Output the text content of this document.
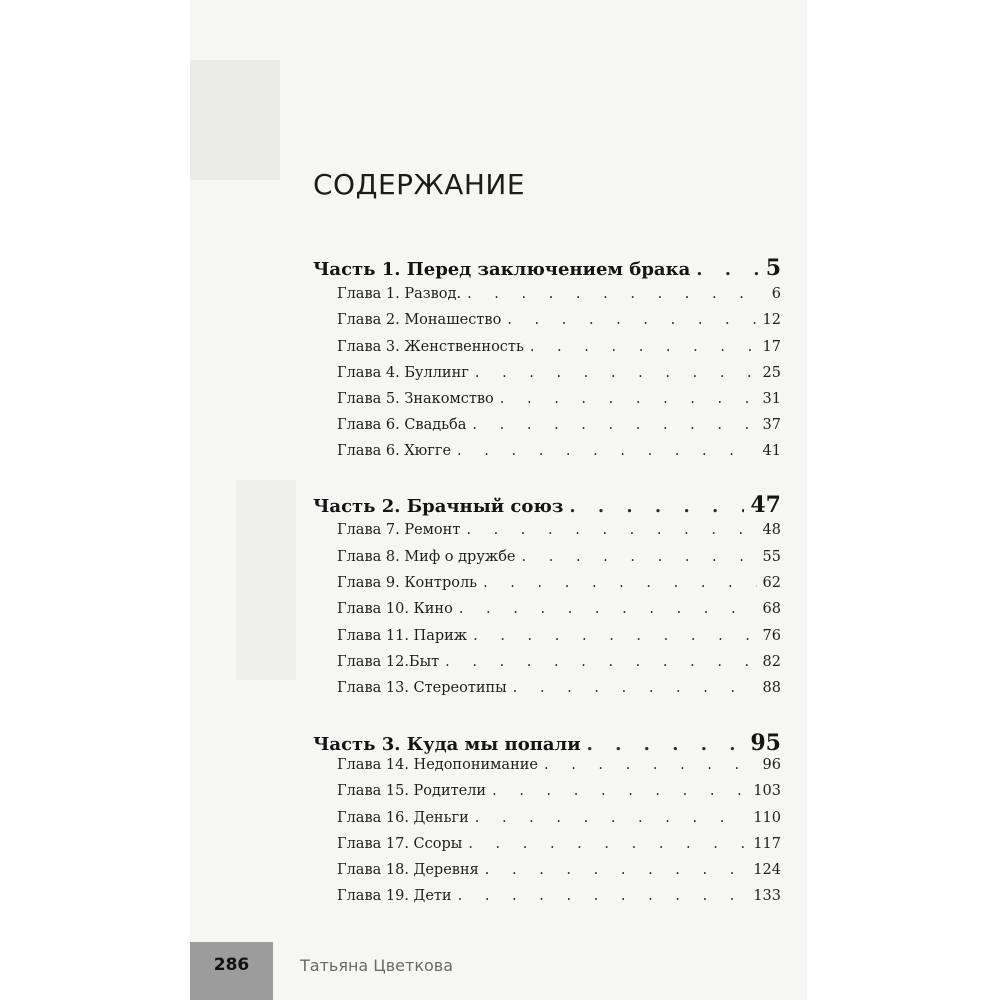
СОДЕРЖАНИЕ
Часть 1. Перед заключением брака . . .	5
Глава 1. Развод. . . .	6
Глава 2. Монашество . . .	12
Глава 3. Женственность . . .	17
Глава 4. Буллинг . . .	25
Глава 5. Знакомство . . .	31
Глава 6. Свадьба . . .	37
Глава 6. Хюгге . . .	41
Часть 2. Брачный союз . . .	47
Глава 7. Ремонт . . .	48
Глава 8. Миф о дружбе . . .	55
Глава 9. Контроль . . .	62
Глава 10. Кино . . .	68
Глава 11. Париж . . .	76
Глава 12.Быт . . .	82
Глава 13. Стереотипы . . .	88
Часть 3. Куда мы попали . . .	95
Глава 14. Недопонимание . . .	96
Глава 15. Родители . . .	103
Глава 16. Деньги . . .	110
Глава 17. Ссоры . . .	117
Глава 18. Деревня . . .	124
Глава 19. Дети . . .	133
286	Татьяна Цветкова
